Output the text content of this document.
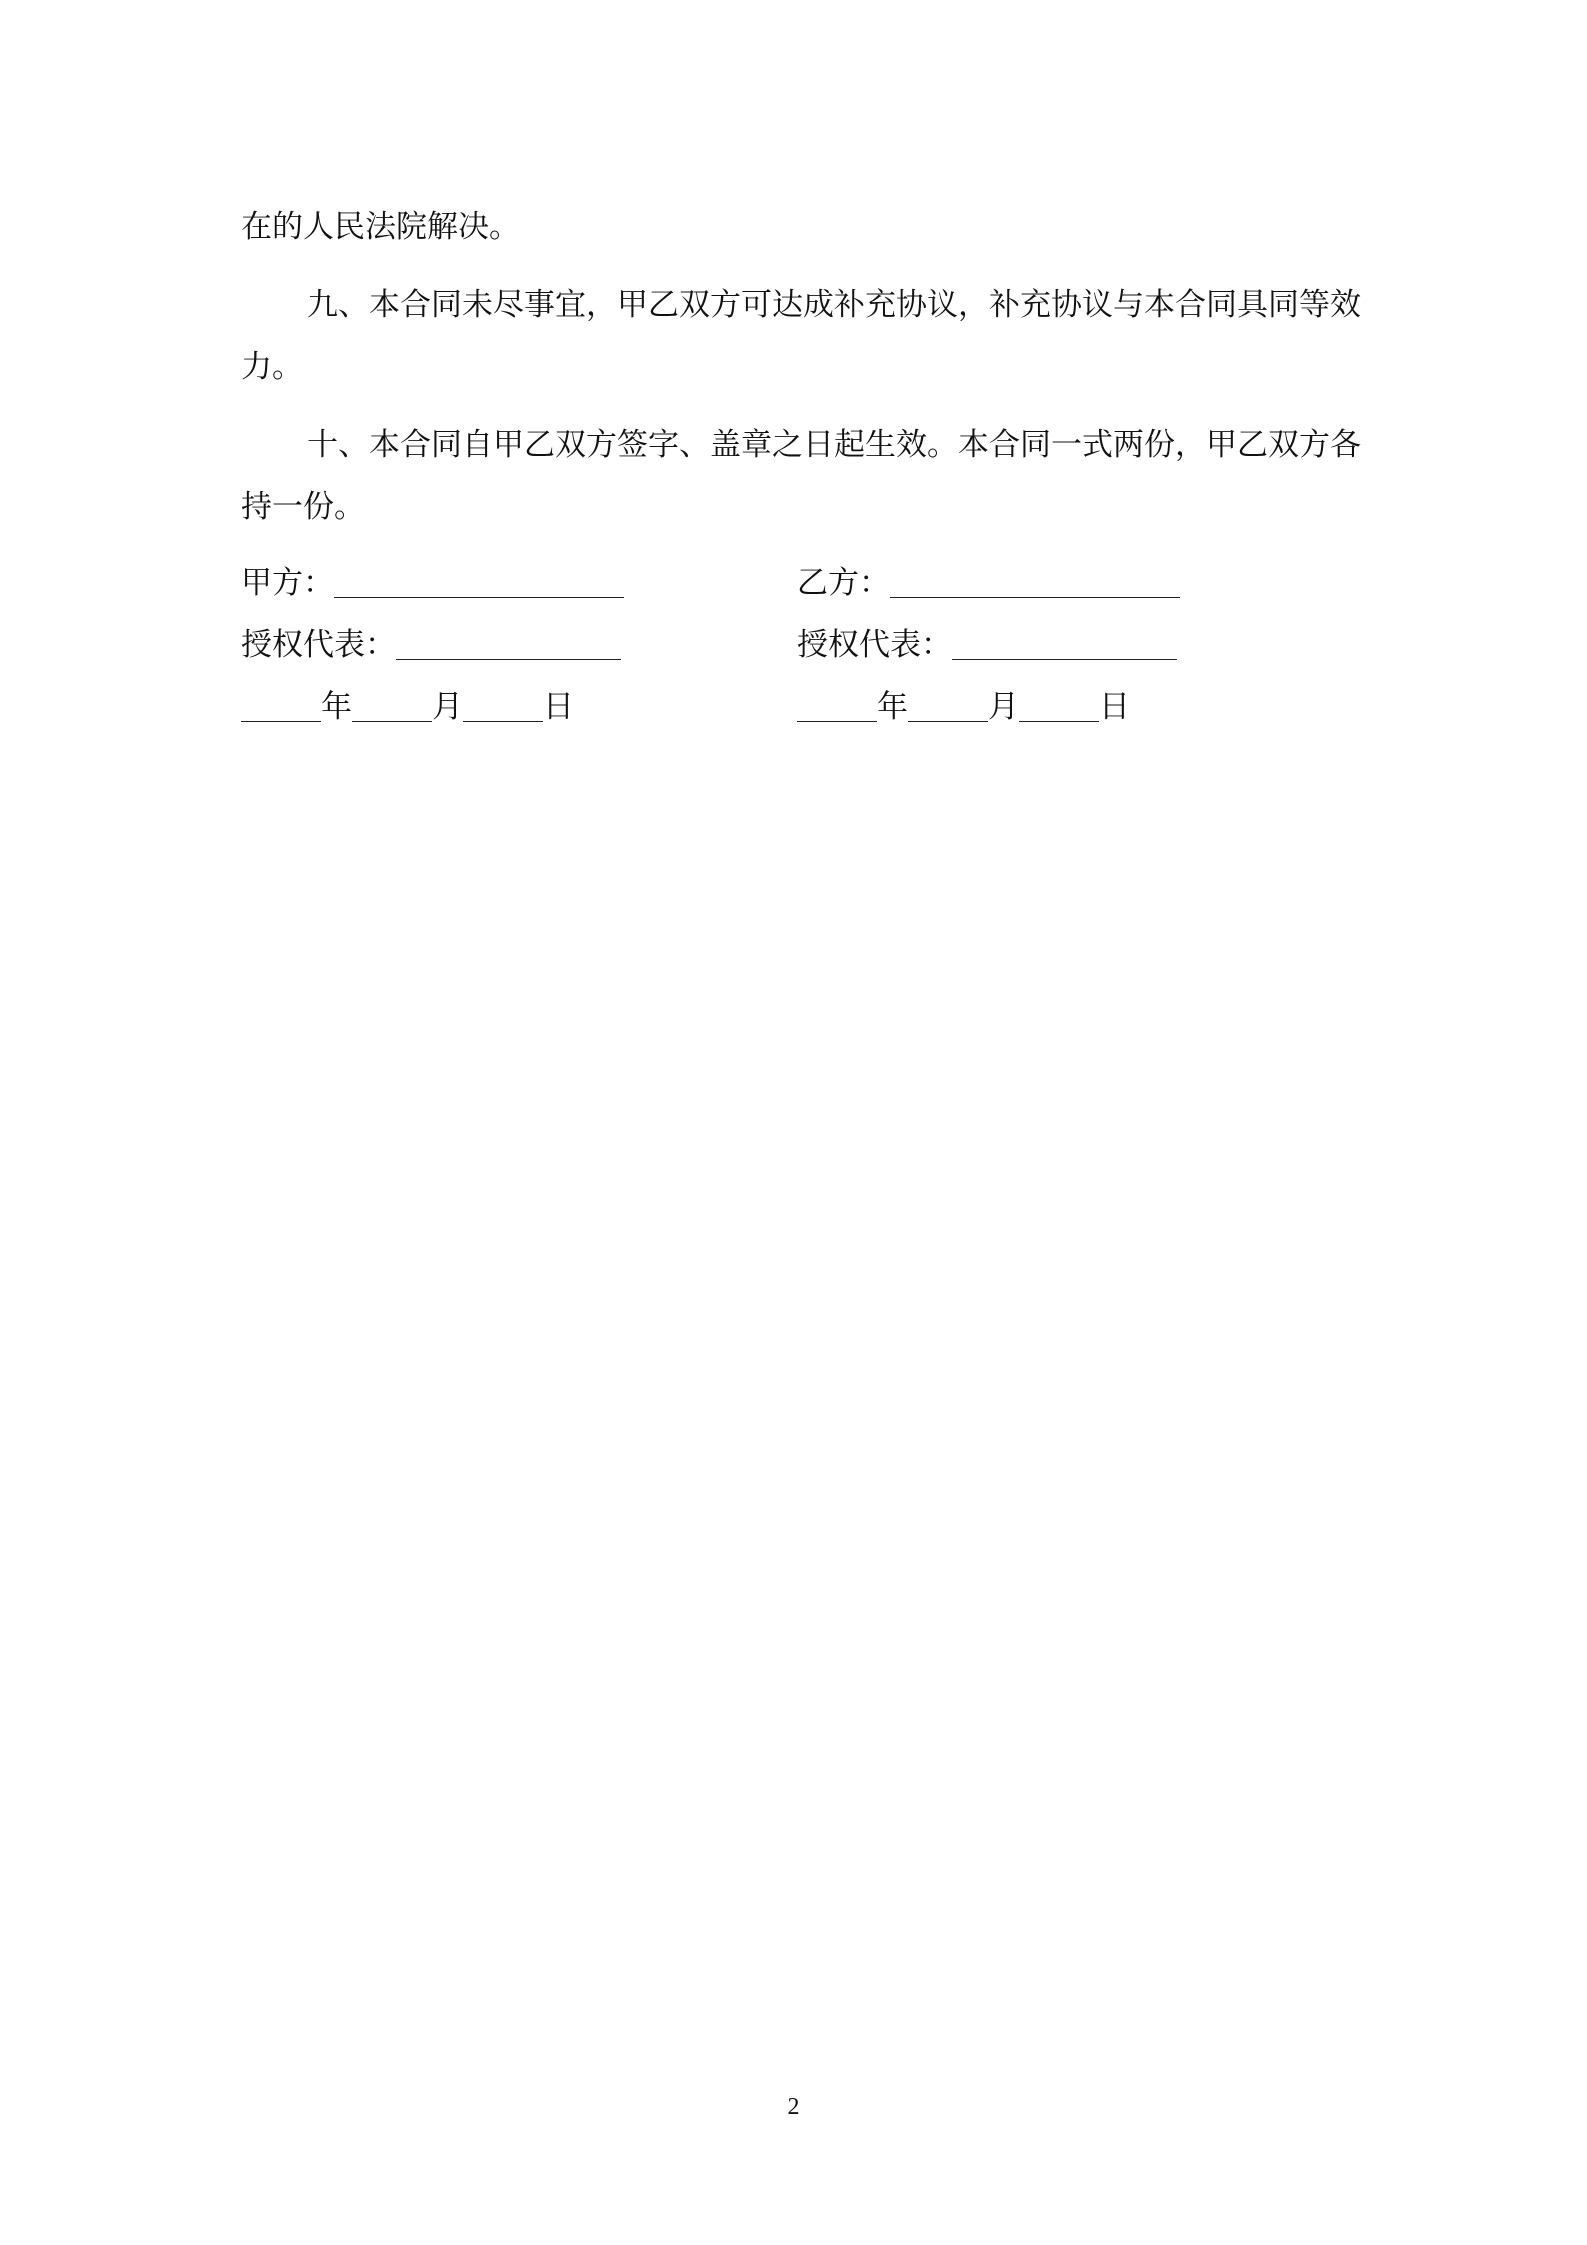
在的人民法院解决。

九、本合同未尽事宜，甲乙双方可达成补充协议，补充协议与本合同具同等效力。

十、本合同自甲乙双方签字、盖章之日起生效。本合同一式两份，甲乙双方各持一份。

甲方：	乙方：
授权代表：	授权代表：
年	月	日	年	月	日
2
